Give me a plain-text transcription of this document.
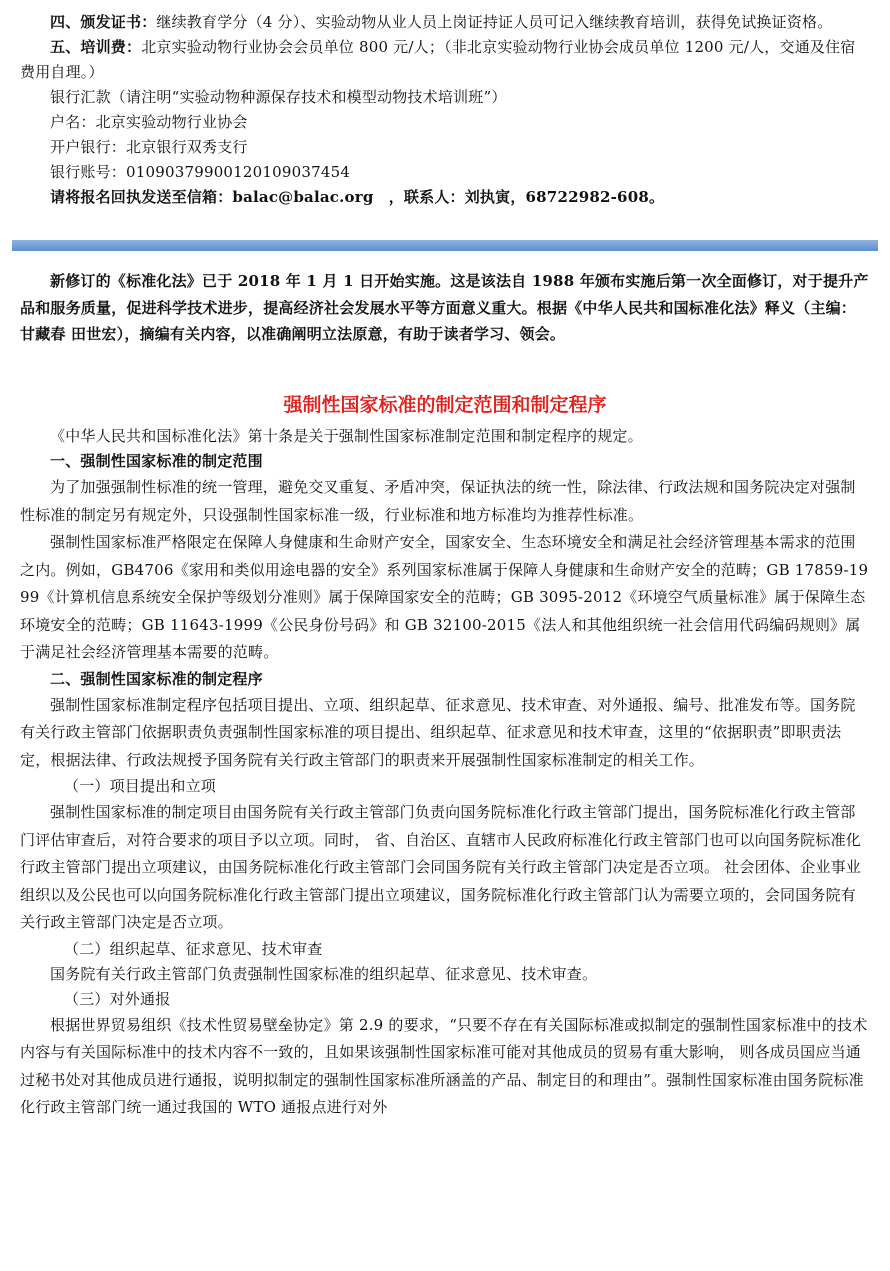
四、颁发证书：继续教育学分（4 分）、实验动物从业人员上岗证持证人员可记入继续教育培训，获得免试换证资格。
五、培训费：北京实验动物行业协会会员单位 800 元/人；（非北京实验动物行业协会成员单位 1200 元/人，交通及住宿费用自理。）
银行汇款（请注明“实验动物种源保存技术和模型动物技术培训班”）
户名：北京实验动物行业协会
开户银行：北京银行双秀支行
银行账号：01090379900120109037454
请将报名回执发送至信箱：balac@balac.org　，联系人：刘执寅，68722982-608。
新修订的《标准化法》已于 2018 年 1 月 1 日开始实施。这是该法自 1988 年颁布实施后第一次全面修订，对于提升产品和服务质量，促进科学技术进步，提高经济社会发展水平等方面意义重大。根据《中华人民共和国标准化法》释义（主编：甘藏春 田世宏），摘编有关内容，以准确阐明立法原意，有助于读者学习、领会。
强制性国家标准的制定范围和制定程序
《中华人民共和国标准化法》第十条是关于强制性国家标准制定范围和制定程序的规定。
一、强制性国家标准的制定范围
为了加强强制性标准的统一管理，避免交叉重复、矛盾冲突，保证执法的统一性，除法律、行政法规和国务院决定对强制性标准的制定另有规定外，只设强制性国家标准一级，行业标准和地方标准均为推荐性标准。
强制性国家标准严格限定在保障人身健康和生命财产安全，国家安全、生态环境安全和满足社会经济管理基本需求的范围之内。例如，GB4706《家用和类似用途电器的安全》系列国家标准属于保障人身健康和生命财产安全的范畴；GB 17859-1999《计算机信息系统安全保护等级划分准则》属于保障国家安全的范畴；GB 3095-2012《环境空气质量标准》属于保障生态环境安全的范畴；GB 11643-1999《公民身份号码》和 GB 32100-2015《法人和其他组织统一社会信用代码编码规则》属于满足社会经济管理基本需要的范畴。
二、强制性国家标准的制定程序
强制性国家标准制定程序包括项目提出、立项、组织起草、征求意见、技术审查、对外通报、编号、批准发布等。国务院有关行政主管部门依据职责负责强制性国家标准的项目提出、组织起草、征求意见和技术审查，这里的“依据职责”即职责法定，根据法律、行政法规授予国务院有关行政主管部门的职责来开展强制性国家标准制定的相关工作。
（一）项目提出和立项
强制性国家标准的制定项目由国务院有关行政主管部门负责向国务院标准化行政主管部门提出，国务院标准化行政主管部门评估审查后，对符合要求的项目予以立项。同时， 省、自治区、直辖市人民政府标准化行政主管部门也可以向国务院标准化行政主管部门提出立项建议，由国务院标准化行政主管部门会同国务院有关行政主管部门决定是否立项。 社会团体、企业事业组织以及公民也可以向国务院标准化行政主管部门提出立项建议，国务院标准化行政主管部门认为需要立项的，会同国务院有关行政主管部门决定是否立项。
（二）组织起草、征求意见、技术审查
国务院有关行政主管部门负责强制性国家标准的组织起草、征求意见、技术审查。
（三）对外通报
根据世界贸易组织《技术性贸易壁垒协定》第 2.9 的要求，“只要不存在有关国际标准或拟制定的强制性国家标准中的技术内容与有关国际标准中的技术内容不一致的，且如果该强制性国家标准可能对其他成员的贸易有重大影响， 则各成员国应当通过秘书处对其他成员进行通报，说明拟制定的强制性国家标准所涵盖的产品、制定目的和理由”。强制性国家标准由国务院标准化行政主管部门统一通过我国的 WTO 通报点进行对外
